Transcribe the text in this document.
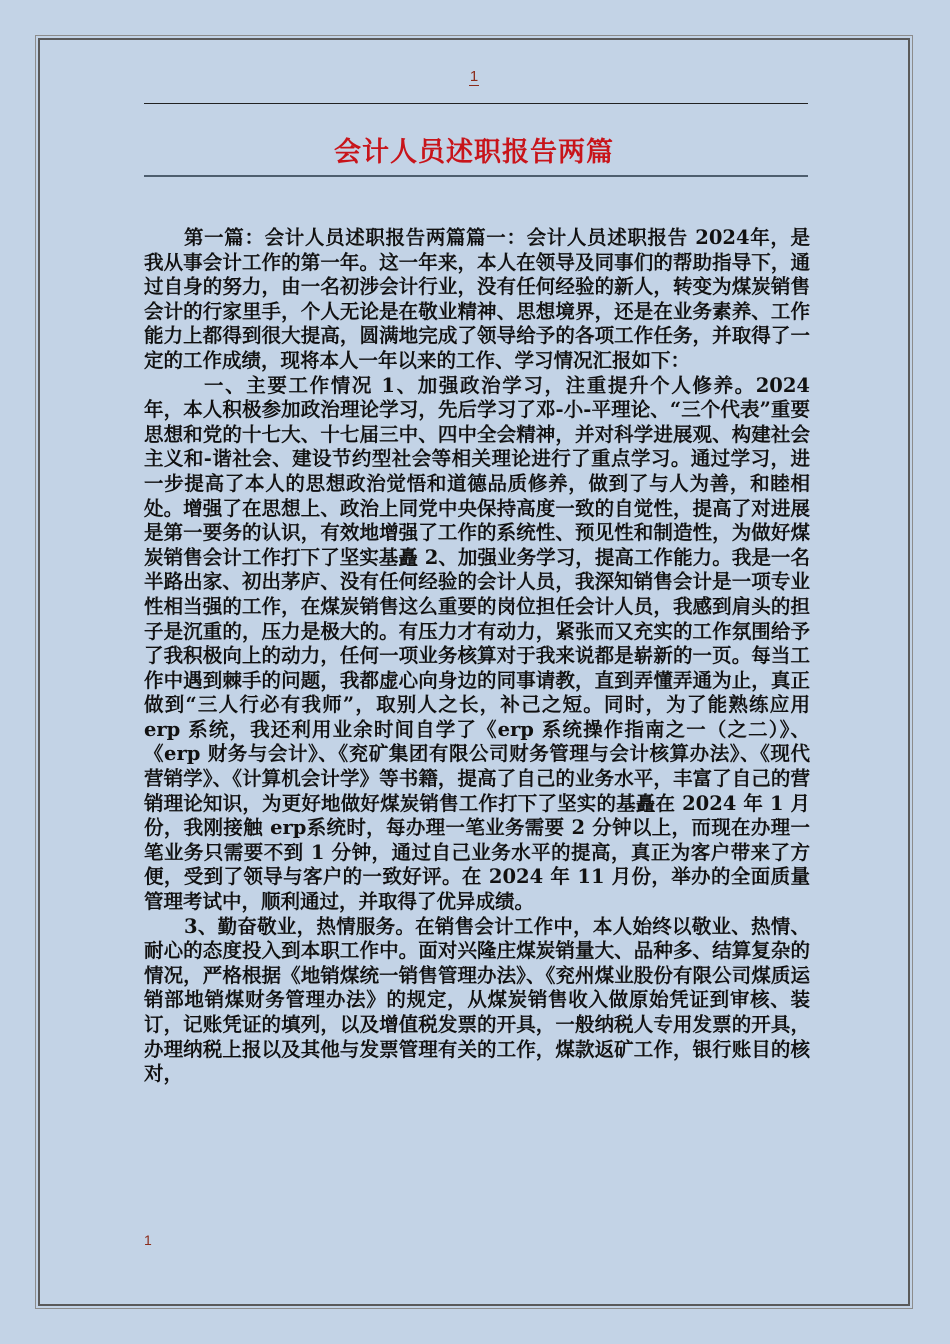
1
会计人员述职报告两篇

第一篇：会计人员述职报告两篇篇一：会计人员述职报告 2024年，是我从事会计工作的第一年。这一年来，本人在领导及同事们的帮助指导下，通过自身的努力，由一名初涉会计行业，没有任何经验的新人，转变为煤炭销售会计的行家里手，个人无论是在敬业精神、思想境界，还是在业务素养、工作能力上都得到很大提高，圆满地完成了领导给予的各项工作任务，并取得了一定的工作成绩，现将本人一年以来的工作、学习情况汇报如下：

一、主要工作情况 1、加强政治学习，注重提升个人修养。2024 年，本人积极参加政治理论学习，先后学习了邓-小-平理论、“三个代表”重要思想和党的十七大、十七届三中、四中全会精神，并对科学进展观、构建社会主义和-谐社会、建设节约型社会等相关理论进行了重点学习。通过学习，进一步提高了本人的思想政治觉悟和道德品质修养，做到了与人为善，和睦相处。增强了在思想上、政治上同党中央保持高度一致的自觉性，提高了对进展是第一要务的认识，有效地增强了工作的系统性、预见性和制造性，为做好煤炭销售会计工作打下了坚实基矗 2、加强业务学习，提高工作能力。我是一名半路出家、初出茅庐、没有任何经验的会计人员，我深知销售会计是一项专业性相当强的工作，在煤炭销售这么重要的岗位担任会计人员，我感到肩头的担子是沉重的，压力是极大的。有压力才有动力，紧张而又充实的工作氛围给予了我积极向上的动力，任何一项业务核算对于我来说都是崭新的一页。每当工作中遇到棘手的问题，我都虚心向身边的同事请教，直到弄懂弄通为止，真正做到“三人行必有我师”，取别人之长，补己之短。同时，为了能熟练应用 erp 系统，我还利用业余时间自学了《erp 系统操作指南之一（之二）》、《erp 财务与会计》、《兖矿集团有限公司财务管理与会计核算办法》、《现代营销学》、《计算机会计学》等书籍，提高了自己的业务水平，丰富了自己的营销理论知识，为更好地做好煤炭销售工作打下了坚实的基矗在 2024 年 1 月份，我刚接触 erp系统时，每办理一笔业务需要 2 分钟以上，而现在办理一笔业务只需要不到 1 分钟，通过自己业务水平的提高，真正为客户带来了方便，受到了领导与客户的一致好评。在 2024 年 11 月份，举办的全面质量管理考试中，顺利通过，并取得了优异成绩。

3、勤奋敬业，热情服务。在销售会计工作中，本人始终以敬业、热情、耐心的态度投入到本职工作中。面对兴隆庄煤炭销量大、品种多、结算复杂的情况，严格根据《地销煤统一销售管理办法》、《兖州煤业股份有限公司煤质运销部地销煤财务管理办法》的规定，从煤炭销售收入做原始凭证到审核、装订，记账凭证的填列，以及增值税发票的开具，一般纳税人专用发票的开具，办理纳税上报以及其他与发票管理有关的工作，煤款返矿工作，银行账目的核对，

1
